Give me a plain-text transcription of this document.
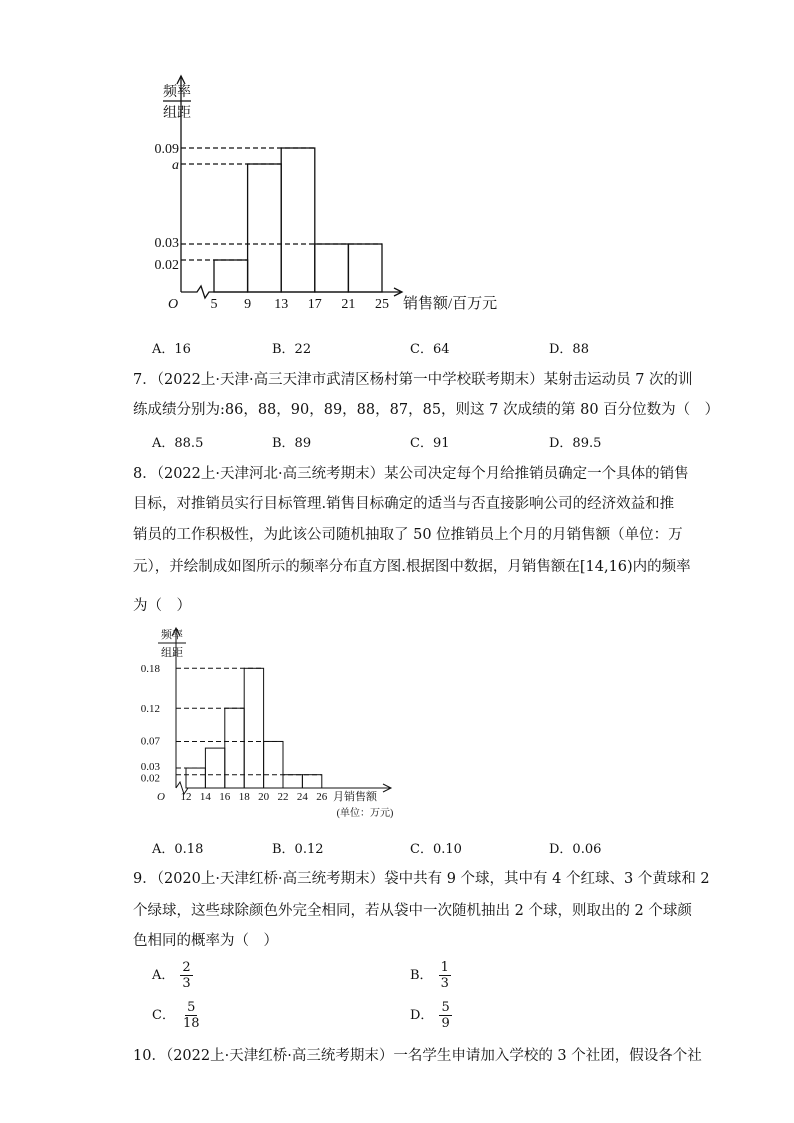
频率
组距
0.09
a
0.03
0.02
5 9 13 17 21 25
O	销售额/百万元
A．16	B．22	C．64	D．88
7．（2022上·天津·高三天津市武清区杨村第一中学校联考期末）某射击运动员 7 次的训
练成绩分别为:86，88，90，89，88，87，85，则这 7 次成绩的第 80 百分位数为（　）
A．88.5	B．89	C．91	D．89.5
8．（2022上·天津河北·高三统考期末）某公司决定每个月给推销员确定一个具体的销售
目标，对推销员实行目标管理.销售目标确定的适当与否直接影响公司的经济效益和推
销员的工作积极性，为此该公司随机抽取了 50 位推销员上个月的月销售额（单位：万
元），并绘制成如图所示的频率分布直方图.根据图中数据，月销售额在[14,16)内的频率
为（　）
频率
组距
0.18
0.12
0.07
0.03
0.02
12 14 16 18 20 22 24 26
O	月销售额
(单位：万元)
A．0.18	B．0.12	C．0.10	D．0.06
9．（2020上·天津红桥·高三统考期末）袋中共有 9 个球，其中有 4 个红球、3 个黄球和 2
个绿球，这些球除颜色外完全相同，若从袋中一次随机抽出 2 个球，则取出的 2 个球颜
色相同的概率为（　）
A． $\frac{2}{3}$	B． $\frac{1}{3}$
C． $\frac{5}{18}$	D． $\frac{5}{9}$
10．（2022上·天津红桥·高三统考期末）一名学生申请加入学校的 3 个社团，假设各个社
